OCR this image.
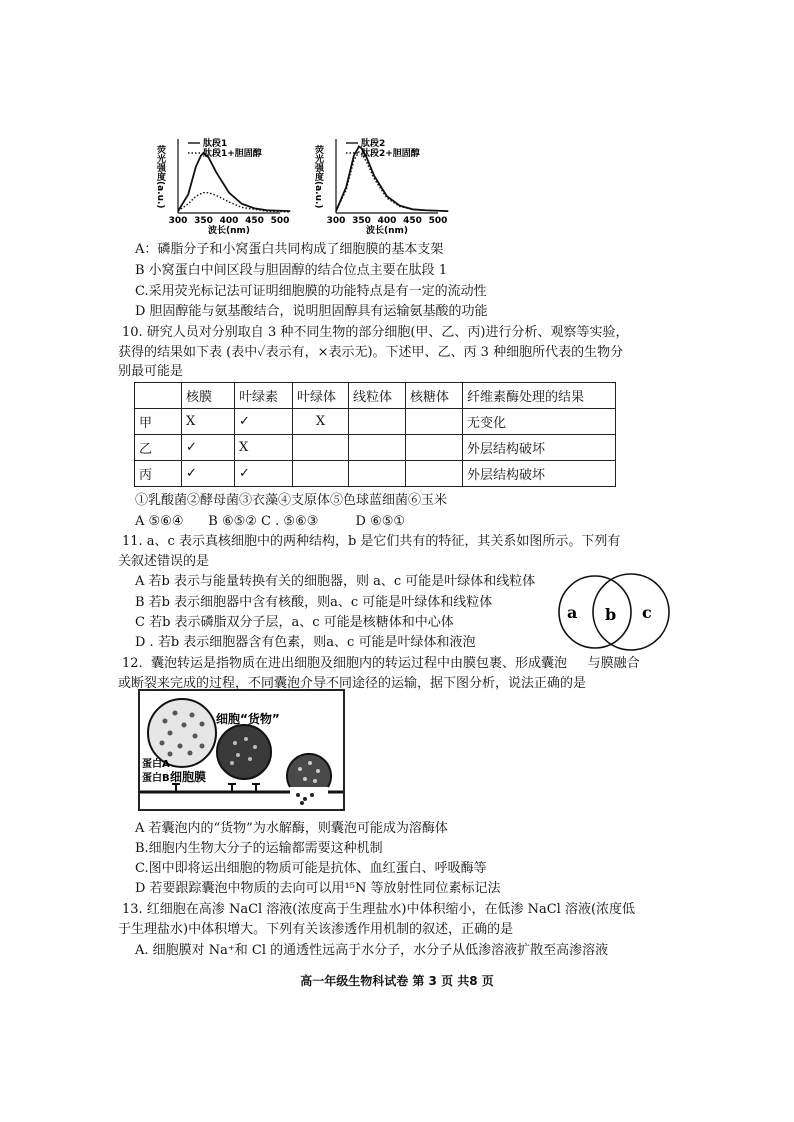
300 350 400 450 500
波长(nm)
荧光强度(a.u.)
肽段1
肽段1+胆固醇
300 350 400 450 500
波长(nm)
荧光强度(a.u.)
肽段2
肽段2+胆固醇
A：磷脂分子和小窝蛋白共同构成了细胞膜的基本支架
B 小窝蛋白中间区段与胆固醇的结合位点主要在肽段 1
C.采用荧光标记法可证明细胞膜的功能特点是有一定的流动性
D 胆固醇能与氨基酸结合，说明胆固醇具有运输氨基酸的功能
10. 研究人员对分别取自 3 种不同生物的部分细胞(甲、乙、丙)进行分析、观察等实验，
获得的结果如下表 (表中✓表示有，×表示无)。下述甲、乙、丙 3 种细胞所代表的生物分
别最可能是
	核膜	叶绿素	叶绿体	线粒体	核糖体	纤维素酶处理的结果
甲	X	✓	X			无变化
乙	✓	X				外层结构破坏
丙	✓	✓				外层结构破坏
①乳酸菌②酵母菌③衣藻④支原体⑤色球蓝细菌⑥玉米
A ⑤⑥④      B ⑥⑤② C . ⑤⑥③         D ⑥⑤①
11. a、c 表示真核细胞中的两种结构，b 是它们共有的特征，其关系如图所示。下列有
关叙述错误的是
A 若b 表示与能量转换有关的细胞器，则 a、c 可能是叶绿体和线粒体
B 若b 表示细胞器中含有核酸，则a、c 可能是叶绿体和线粒体
C 若b 表示磷脂双分子层，a、c 可能是核糖体和中心体
D . 若b 表示细胞器含有色素，则a、c 可能是叶绿体和液泡
a b c
12.  囊泡转运是指物质在进出细胞及细胞内的转运过程中由膜包裹、形成囊泡     与膜融合
或断裂来完成的过程，不同囊泡介导不同途径的运输，据下图分析，说法正确的是
细胞“货物”
蛋白A
蛋白B 细胞膜
A 若囊泡内的“货物”为水解酶，则囊泡可能成为溶酶体
B.细胞内生物大分子的运输都需要这种机制
C.图中即将运出细胞的物质可能是抗体、血红蛋白、呼吸酶等
D 若要跟踪囊泡中物质的去向可以用¹⁵N 等放射性同位素标记法
13. 红细胞在高渗 NaCl 溶液(浓度高于生理盐水)中体积缩小，在低渗 NaCl 溶液(浓度低
于生理盐水)中体积增大。下列有关该渗透作用机制的叙述，正确的是
A. 细胞膜对 Na⁺和 Cl 的通透性远高于水分子，水分子从低渗溶液扩散至高渗溶液
高一年级生物科试卷 第 3 页 共8 页
